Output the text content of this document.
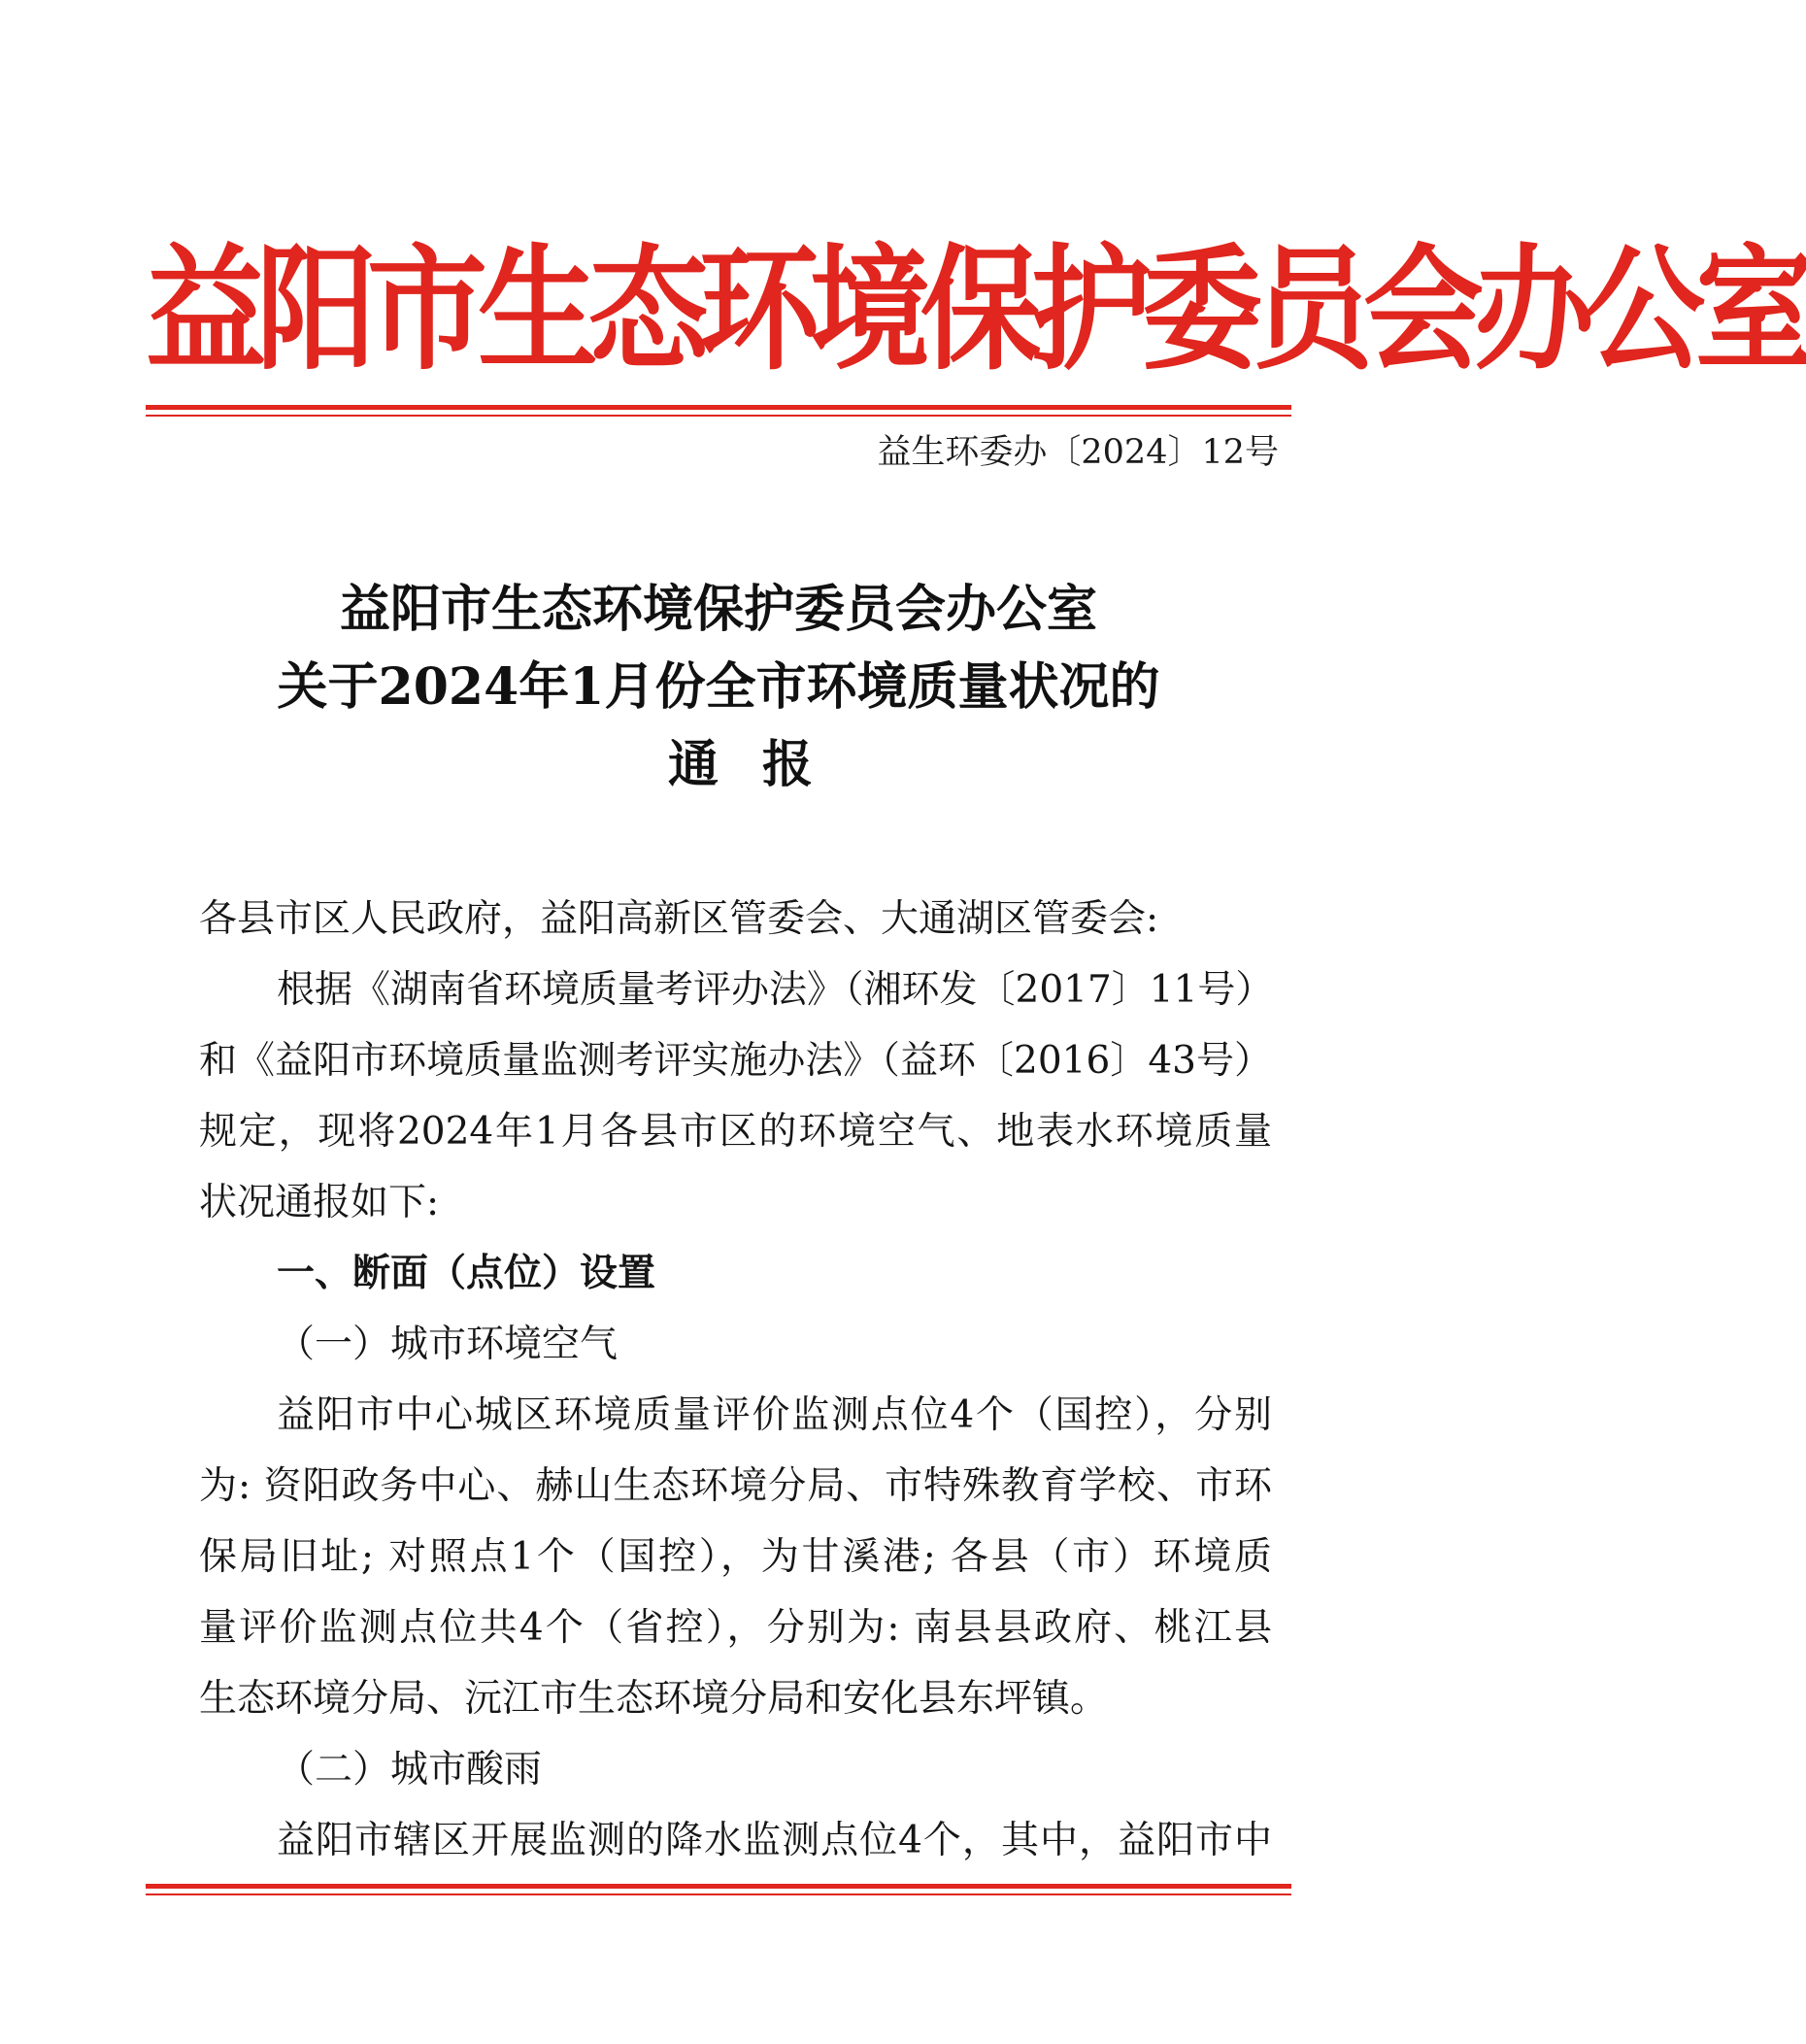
益阳市生态环境保护委员会办公室
益生环委办〔2024〕12号
益阳市生态环境保护委员会办公室
关于2024年1月份全市环境质量状况的
通报
各县市区人民政府，益阳高新区管委会、大通湖区管委会:
根据《湖南省环境质量考评办法》（湘环发〔2017〕11号）
和《益阳市环境质量监测考评实施办法》（益环〔2016〕43号）
规定，现将2024年1月各县市区的环境空气、地表水环境质量
状况通报如下:
一、断面（点位）设置
（一）城市环境空气
益阳市中心城区环境质量评价监测点位4个（国控），分别
为: 资阳政务中心、赫山生态环境分局、市特殊教育学校、市环
保局旧址; 对照点1个（国控），为甘溪港; 各县（市）环境质
量评价监测点位共4个（省控），分别为: 南县县政府、桃江县
生态环境分局、沅江市生态环境分局和安化县东坪镇。
（二）城市酸雨
益阳市辖区开展监测的降水监测点位4个，其中，益阳市中
